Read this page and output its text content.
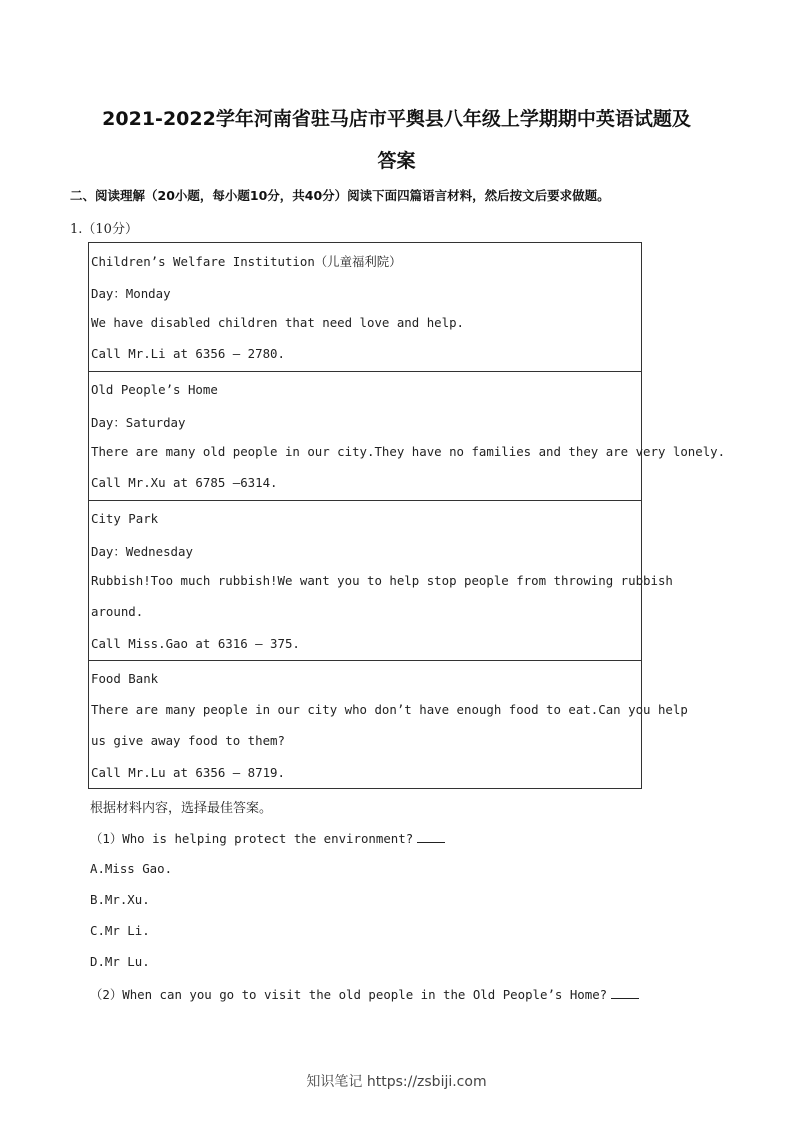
2021-2022学年河南省驻马店市平舆县八年级上学期期中英语试题及
答案
二、阅读理解（20小题，每小题10分，共40分）阅读下面四篇语言材料，然后按文后要求做题。
1.（10分）
Children’s Welfare Institution（儿童福利院）
Day：Monday
We have disabled children that need love and help.
Call Mr.Li at 6356 – 2780.
Old People’s Home
Day：Saturday
There are many old people in our city.They have no families and they are very lonely.
Call Mr.Xu at 6785 –6314.
City Park
Day：Wednesday
Rubbish!Too much rubbish!We want you to help stop people from throwing rubbish
around.
Call Miss.Gao at 6316 – 375.
Food Bank
There are many people in our city who don’t have enough food to eat.Can you help
us give away food to them?
Call Mr.Lu at 6356 – 8719.
根据材料内容，选择最佳答案。
（1）Who is helping protect the environment?
A.Miss Gao.
B.Mr.Xu.
C.Mr Li.
D.Mr Lu.
（2）When can you go to visit the old people in the Old People’s Home?
知识笔记 https://zsbiji.com
